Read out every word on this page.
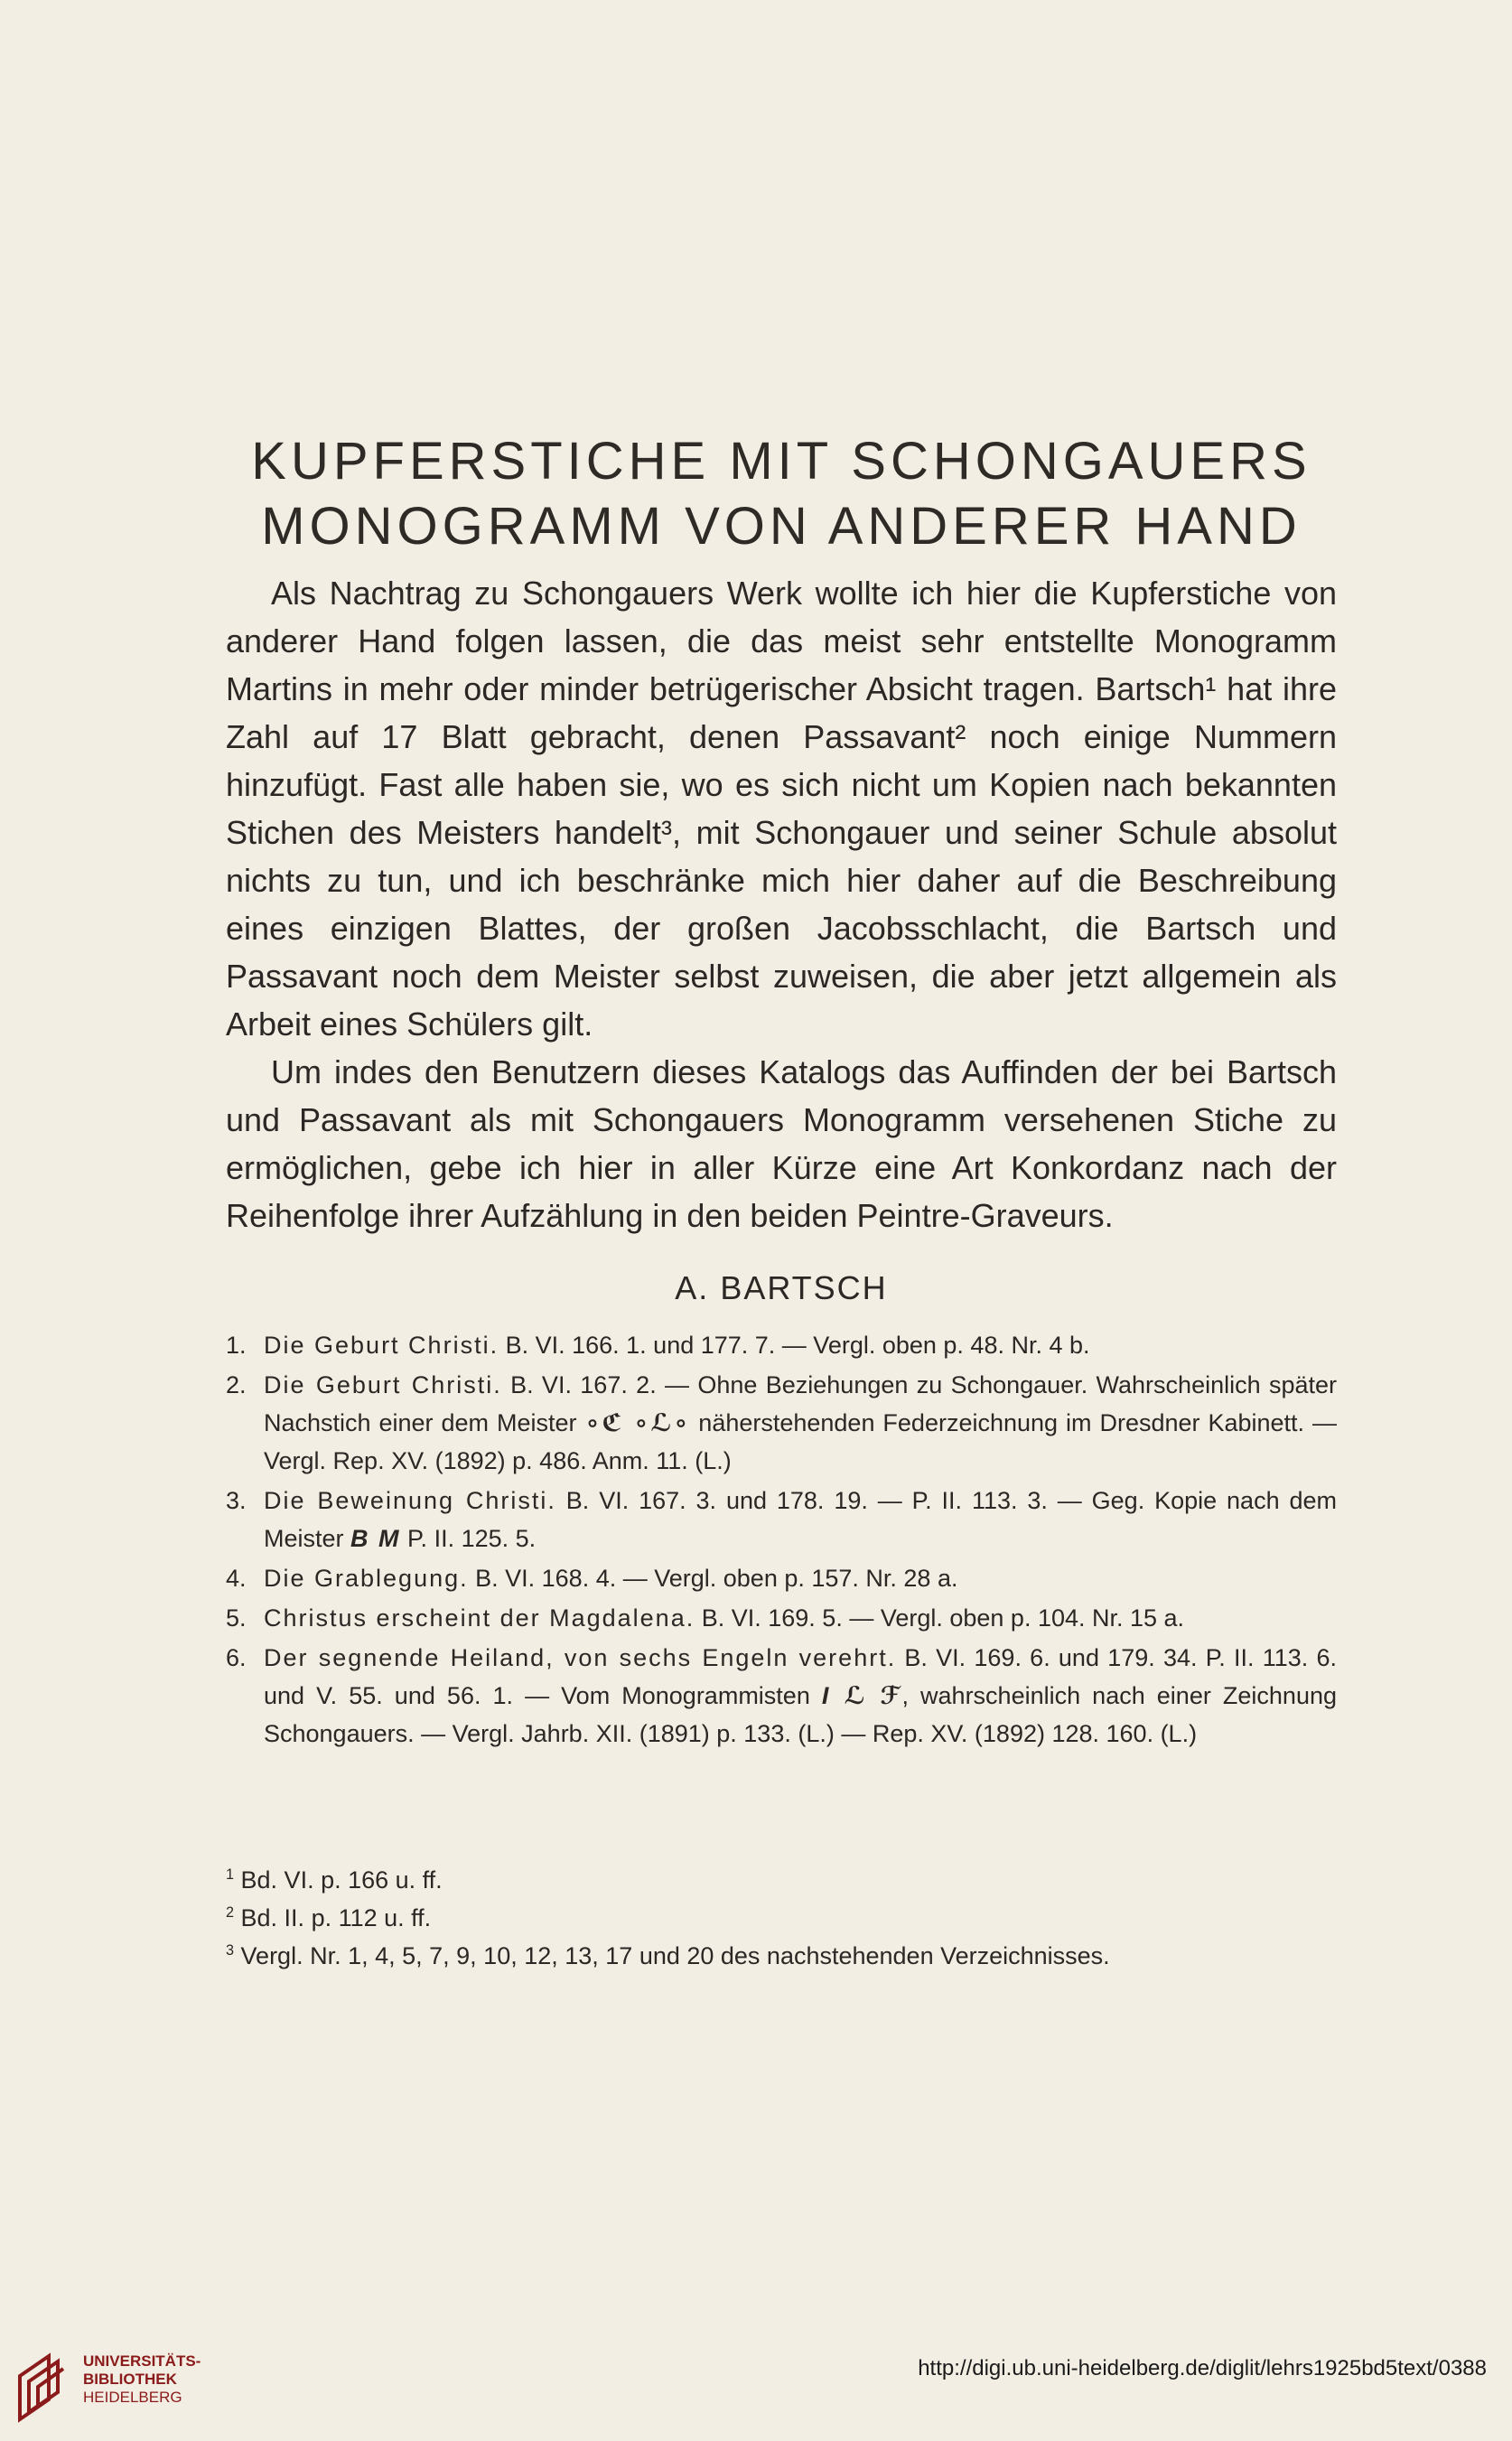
KUPFERSTICHE MIT SCHONGAUERS
MONOGRAMM VON ANDERER HAND

Als Nachtrag zu Schongauers Werk wollte ich hier die Kupferstiche von anderer Hand folgen lassen, die das meist sehr entstellte Monogramm Martins in mehr oder minder betrügerischer Absicht tragen. Bartsch¹ hat ihre Zahl auf 17 Blatt gebracht, denen Passavant² noch einige Nummern hinzufügt. Fast alle haben sie, wo es sich nicht um Kopien nach bekannten Stichen des Meisters handelt³, mit Schongauer und seiner Schule absolut nichts zu tun, und ich beschränke mich hier daher auf die Beschreibung eines einzigen Blattes, der großen Jacobsschlacht, die Bartsch und Passavant noch dem Meister selbst zuweisen, die aber jetzt allgemein als Arbeit eines Schülers gilt.

Um indes den Benutzern dieses Katalogs das Auffinden der bei Bartsch und Passavant als mit Schongauers Monogramm versehenen Stiche zu ermöglichen, gebe ich hier in aller Kürze eine Art Konkordanz nach der Reihenfolge ihrer Aufzählung in den beiden Peintre-Graveurs.

A. BARTSCH
1. Die Geburt Christi. B. VI. 166. 1. und 177. 7. — Vergl. oben p. 48. Nr. 4 b.
2. Die Geburt Christi. B. VI. 167. 2. — Ohne Beziehungen zu Schongauer. Wahrscheinlich später Nachstich einer dem Meister ∘ℭ ∘ℒ∘ näherstehenden Federzeichnung im Dresdner Kabinett. — Vergl. Rep. XV. (1892) p. 486. Anm. 11. (L.)
3. Die Beweinung Christi. B. VI. 167. 3. und 178. 19. — P. II. 113. 3. — Geg. Kopie nach dem Meister B M P. II. 125. 5.
4. Die Grablegung. B. VI. 168. 4. — Vergl. oben p. 157. Nr. 28 a.
5. Christus erscheint der Magdalena. B. VI. 169. 5. — Vergl. oben p. 104. Nr. 15 a.
6. Der segnende Heiland, von sechs Engeln verehrt. B. VI. 169. 6. und 179. 34. P. II. 113. 6. und V. 55. und 56. 1. — Vom Monogrammisten I ℒ ℱ, wahrscheinlich nach einer Zeichnung Schongauers. — Vergl. Jahrb. XII. (1891) p. 133. (L.) — Rep. XV. (1892) 128. 160. (L.)
$^1$ Bd. VI. p. 166 u. ff.
$^2$ Bd. II. p. 112 u. ff.
$^3$ Vergl. Nr. 1, 4, 5, 7, 9, 10, 12, 13, 17 und 20 des nachstehenden Verzeichnisses.
UNIVERSITÄTS-
BIBLIOTHEK
HEIDELBERG
http://digi.ub.uni-heidelberg.de/diglit/lehrs1925bd5text/0388
